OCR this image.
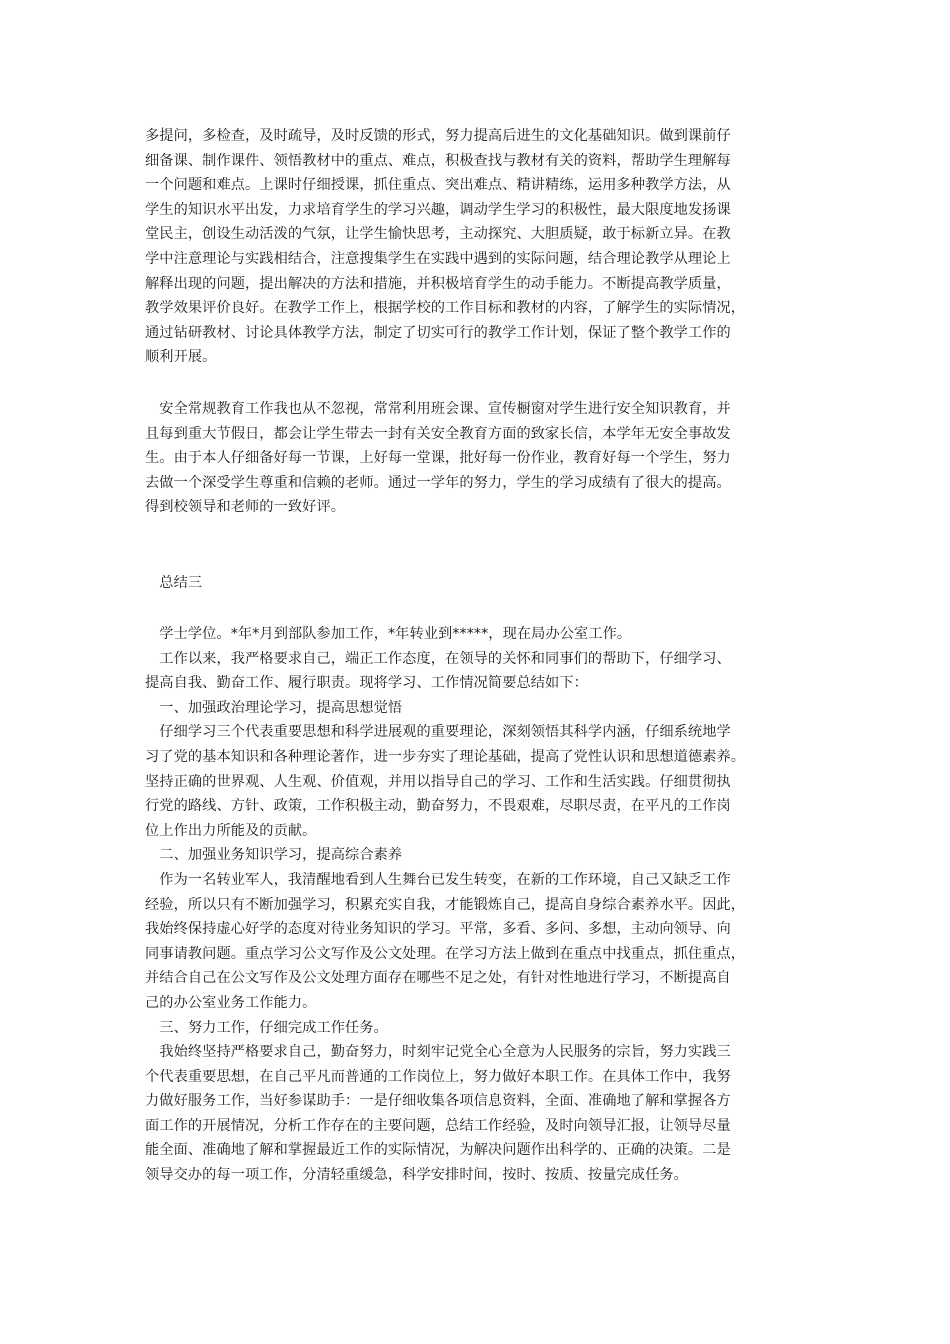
多提问，多检查，及时疏导，及时反馈的形式，努力提高后进生的文化基础知识。做到课前仔
细备课、制作课件、领悟教材中的重点、难点，积极查找与教材有关的资料，帮助学生理解每
一个问题和难点。上课时仔细授课，抓住重点、突出难点、精讲精练，运用多种教学方法，从
学生的知识水平出发，力求培育学生的学习兴趣，调动学生学习的积极性，最大限度地发扬课
堂民主，创设生动活泼的气氛，让学生愉快思考，主动探究、大胆质疑，敢于标新立异。在教
学中注意理论与实践相结合，注意搜集学生在实践中遇到的实际问题，结合理论教学从理论上
解释出现的问题，提出解决的方法和措施，并积极培育学生的动手能力。不断提高教学质量，
教学效果评价良好。在教学工作上，根据学校的工作目标和教材的内容，了解学生的实际情况，
通过钻研教材、讨论具体教学方法，制定了切实可行的教学工作计划，保证了整个教学工作的
顺利开展。
　安全常规教育工作我也从不忽视，常常利用班会课、宣传橱窗对学生进行安全知识教育，并
且每到重大节假日，都会让学生带去一封有关安全教育方面的致家长信，本学年无安全事故发
生。由于本人仔细备好每一节课，上好每一堂课，批好每一份作业，教育好每一个学生，努力
去做一个深受学生尊重和信赖的老师。通过一学年的努力，学生的学习成绩有了很大的提高。
得到校领导和老师的一致好评。
　总结三
　学士学位。*年*月到部队参加工作，*年转业到*****，现在局办公室工作。
　工作以来，我严格要求自己，端正工作态度，在领导的关怀和同事们的帮助下，仔细学习、
提高自我、勤奋工作、履行职责。现将学习、工作情况简要总结如下：
　一、加强政治理论学习，提高思想觉悟
　仔细学习三个代表重要思想和科学进展观的重要理论，深刻领悟其科学内涵，仔细系统地学
习了党的基本知识和各种理论著作，进一步夯实了理论基础，提高了党性认识和思想道德素养。
坚持正确的世界观、人生观、价值观，并用以指导自己的学习、工作和生活实践。仔细贯彻执
行党的路线、方针、政策，工作积极主动，勤奋努力，不畏艰难，尽职尽责，在平凡的工作岗
位上作出力所能及的贡献。
　二、加强业务知识学习，提高综合素养
　作为一名转业军人，我清醒地看到人生舞台已发生转变，在新的工作环境，自己又缺乏工作
经验，所以只有不断加强学习，积累充实自我，才能锻炼自己，提高自身综合素养水平。因此，
我始终保持虚心好学的态度对待业务知识的学习。平常，多看、多问、多想，主动向领导、向
同事请教问题。重点学习公文写作及公文处理。在学习方法上做到在重点中找重点，抓住重点，
并结合自己在公文写作及公文处理方面存在哪些不足之处，有针对性地进行学习，不断提高自
己的办公室业务工作能力。
　三、努力工作，仔细完成工作任务。
　我始终坚持严格要求自己，勤奋努力，时刻牢记党全心全意为人民服务的宗旨，努力实践三
个代表重要思想，在自己平凡而普通的工作岗位上，努力做好本职工作。在具体工作中，我努
力做好服务工作，当好参谋助手：一是仔细收集各项信息资料，全面、准确地了解和掌握各方
面工作的开展情况，分析工作存在的主要问题，总结工作经验，及时向领导汇报，让领导尽量
能全面、准确地了解和掌握最近工作的实际情况，为解决问题作出科学的、正确的决策。二是
领导交办的每一项工作，分清轻重缓急，科学安排时间，按时、按质、按量完成任务。
